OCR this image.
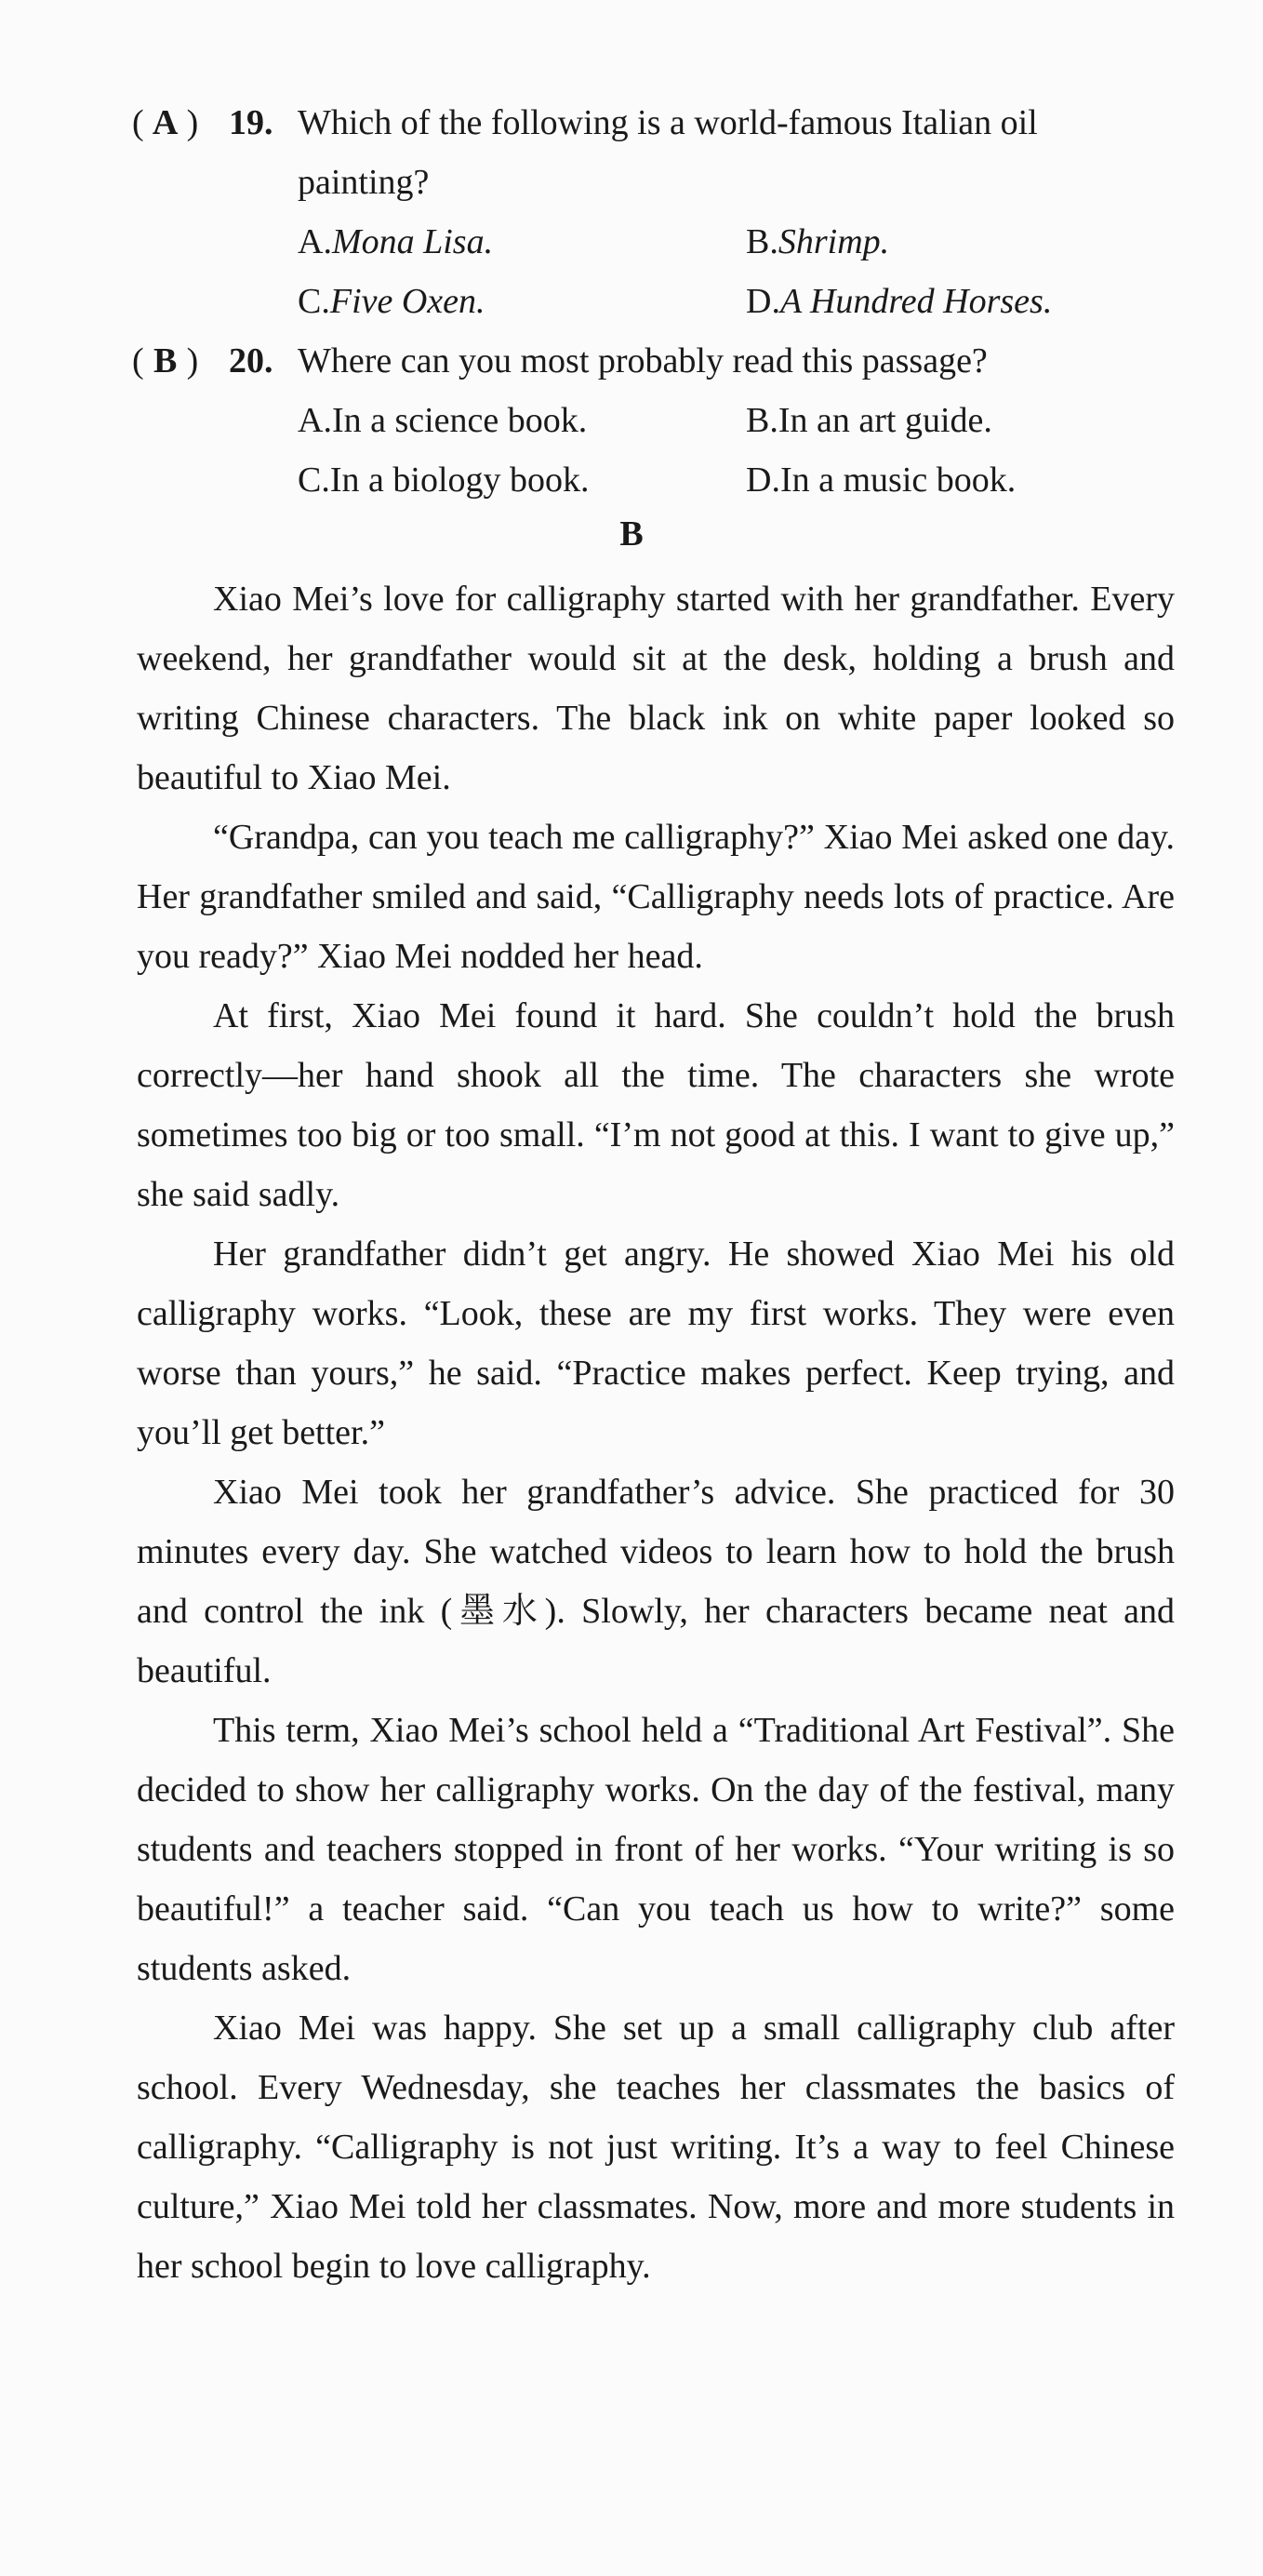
( A ) 19. Which of the following is a world-famous Italian oil
painting?
A.Mona Lisa.	B.Shrimp.
C.Five Oxen.	D.A Hundred Horses.
( B ) 20. Where can you most probably read this passage?
A.In a science book.	B.In an art guide.
C.In a biology book.	D.In a music book.
B

Xiao Mei’s love for calligraphy started with her grandfather. Every weekend, her grandfather would sit at the desk, holding a brush and writing Chinese characters. The black ink on white paper looked so beautiful to Xiao Mei.

“Grandpa, can you teach me calligraphy?” Xiao Mei asked one day. Her grandfather smiled and said, “Calligraphy needs lots of practice. Are you ready?” Xiao Mei nodded her head.

At first, Xiao Mei found it hard. She couldn’t hold the brush correctly—her hand shook all the time. The characters she wrote sometimes too big or too small. “I’m not good at this. I want to give up,” she said sadly.

Her grandfather didn’t get angry. He showed Xiao Mei his old calligraphy works. “Look, these are my first works. They were even worse than yours,” he said. “Practice makes perfect. Keep trying, and you’ll get better.”

Xiao Mei took her grandfather’s advice. She practiced for 30 minutes every day. She watched videos to learn how to hold the brush and control the ink (墨水). Slowly, her characters became neat and beautiful.

This term, Xiao Mei’s school held a “Traditional Art Festival”. She decided to show her calligraphy works. On the day of the festival, many students and teachers stopped in front of her works. “Your writing is so beautiful!” a teacher said. “Can you teach us how to write?” some students asked.

Xiao Mei was happy. She set up a small calligraphy club after school. Every Wednesday, she teaches her classmates the basics of calligraphy. “Calligraphy is not just writing. It’s a way to feel Chinese culture,” Xiao Mei told her classmates. Now, more and more students in her school begin to love calligraphy.
